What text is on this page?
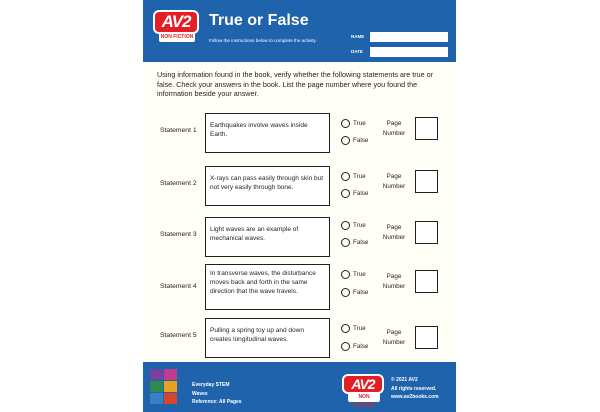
AV2
NON FICTION
True or False
Follow the instructions below to complete the activity.
NAME
DATE
Using information found in the book, verify whether the following statements are true or false. Check your answers in the book. List the page number where you found the information beside your answer.
Statement 1
Earthquakes involve waves inside Earth.
True
False
Page Number
Statement 2
X-rays can pass easily through skin but not very easily through bone.
True
False
Page Number
Statement 3
Light waves are an example of mechanical waves.
True
False
Page Number
Statement 4
In transverse waves, the disturbance moves back and forth in the same direction that the wave travels.
True
False
Page Number
Statement 5
Pulling a spring toy up and down creates longitudinal waves.
True
False
Page Number
Everyday STEM
Waves
Reference: All Pages
AV2
NON FICTION
© 2021 AV2
All rights reserved.
www.av2books.com
